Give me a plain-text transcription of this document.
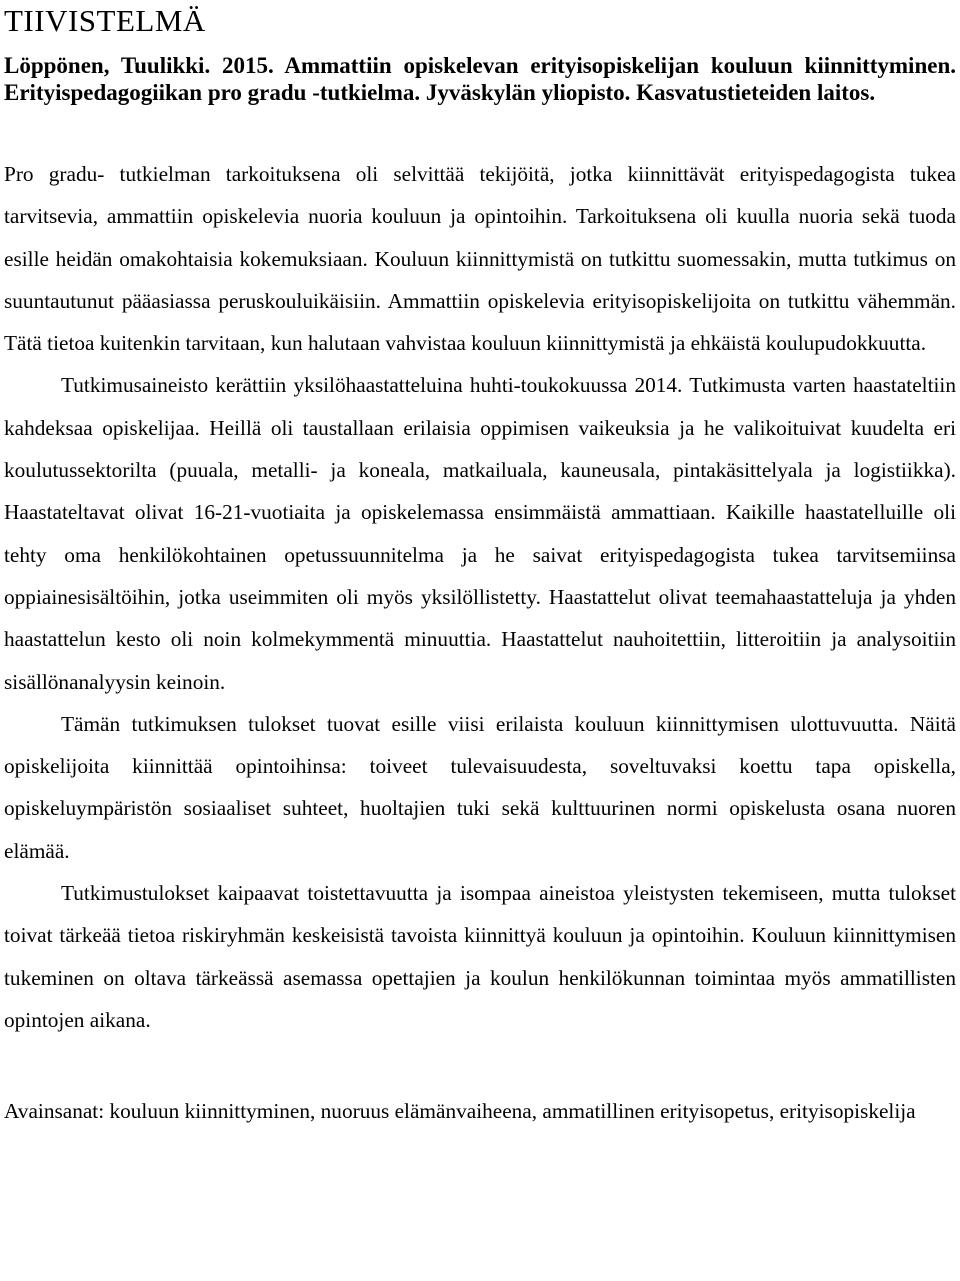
TIIVISTELMÄ

Löppönen, Tuulikki. 2015. Ammattiin opiskelevan erityisopiskelijan kouluun kiinnittyminen. Erityispedagogiikan pro gradu -tutkielma. Jyväskylän yliopisto. Kasvatustieteiden laitos.

Pro gradu- tutkielman tarkoituksena oli selvittää tekijöitä, jotka kiinnittävät erityispedagogista tukea tarvitsevia, ammattiin opiskelevia nuoria kouluun ja opintoihin. Tarkoituksena oli kuulla nuoria sekä tuoda esille heidän omakohtaisia kokemuksiaan. Kouluun kiinnittymistä on tutkittu suomessakin, mutta tutkimus on suuntautunut pääasiassa peruskouluikäisiin. Ammattiin opiskelevia erityisopiskelijoita on tutkittu vähemmän. Tätä tietoa kuitenkin tarvitaan, kun halutaan vahvistaa kouluun kiinnittymistä ja ehkäistä koulupudokkuutta.

Tutkimusaineisto kerättiin yksilöhaastatteluina huhti-toukokuussa 2014. Tutkimusta varten haastateltiin kahdeksaa opiskelijaa. Heillä oli taustallaan erilaisia oppimisen vaikeuksia ja he valikoituivat kuudelta eri koulutussektorilta (puuala, metalli- ja koneala, matkailuala, kauneusala, pintakäsittelyala ja logistiikka). Haastateltavat olivat 16-21-vuotiaita ja opiskelemassa ensimmäistä ammattiaan. Kaikille haastatelluille oli tehty oma henkilökohtainen opetussuunnitelma ja he saivat erityispedagogista tukea tarvitsemiinsa oppiainesisältöihin, jotka useimmiten oli myös yksilöllistetty. Haastattelut olivat teemahaastatteluja ja yhden haastattelun kesto oli noin kolmekymmentä minuuttia. Haastattelut nauhoitettiin, litteroitiin ja analysoitiin sisällönanalyysin keinoin.

Tämän tutkimuksen tulokset tuovat esille viisi erilaista kouluun kiinnittymisen ulottuvuutta. Näitä opiskelijoita kiinnittää opintoihinsa: toiveet tulevaisuudesta, soveltuvaksi koettu tapa opiskella, opiskeluympäristön sosiaaliset suhteet, huoltajien tuki sekä kulttuurinen normi opiskelusta osana nuoren elämää.

Tutkimustulokset kaipaavat toistettavuutta ja isompaa aineistoa yleistysten tekemiseen, mutta tulokset toivat tärkeää tietoa riskiryhmän keskeisistä tavoista kiinnittyä kouluun ja opintoihin. Kouluun kiinnittymisen tukeminen on oltava tärkeässä asemassa opettajien ja koulun henkilökunnan toimintaa myös ammatillisten opintojen aikana.

Avainsanat: kouluun kiinnittyminen, nuoruus elämänvaiheena, ammatillinen erityisopetus, erityisopiskelija
